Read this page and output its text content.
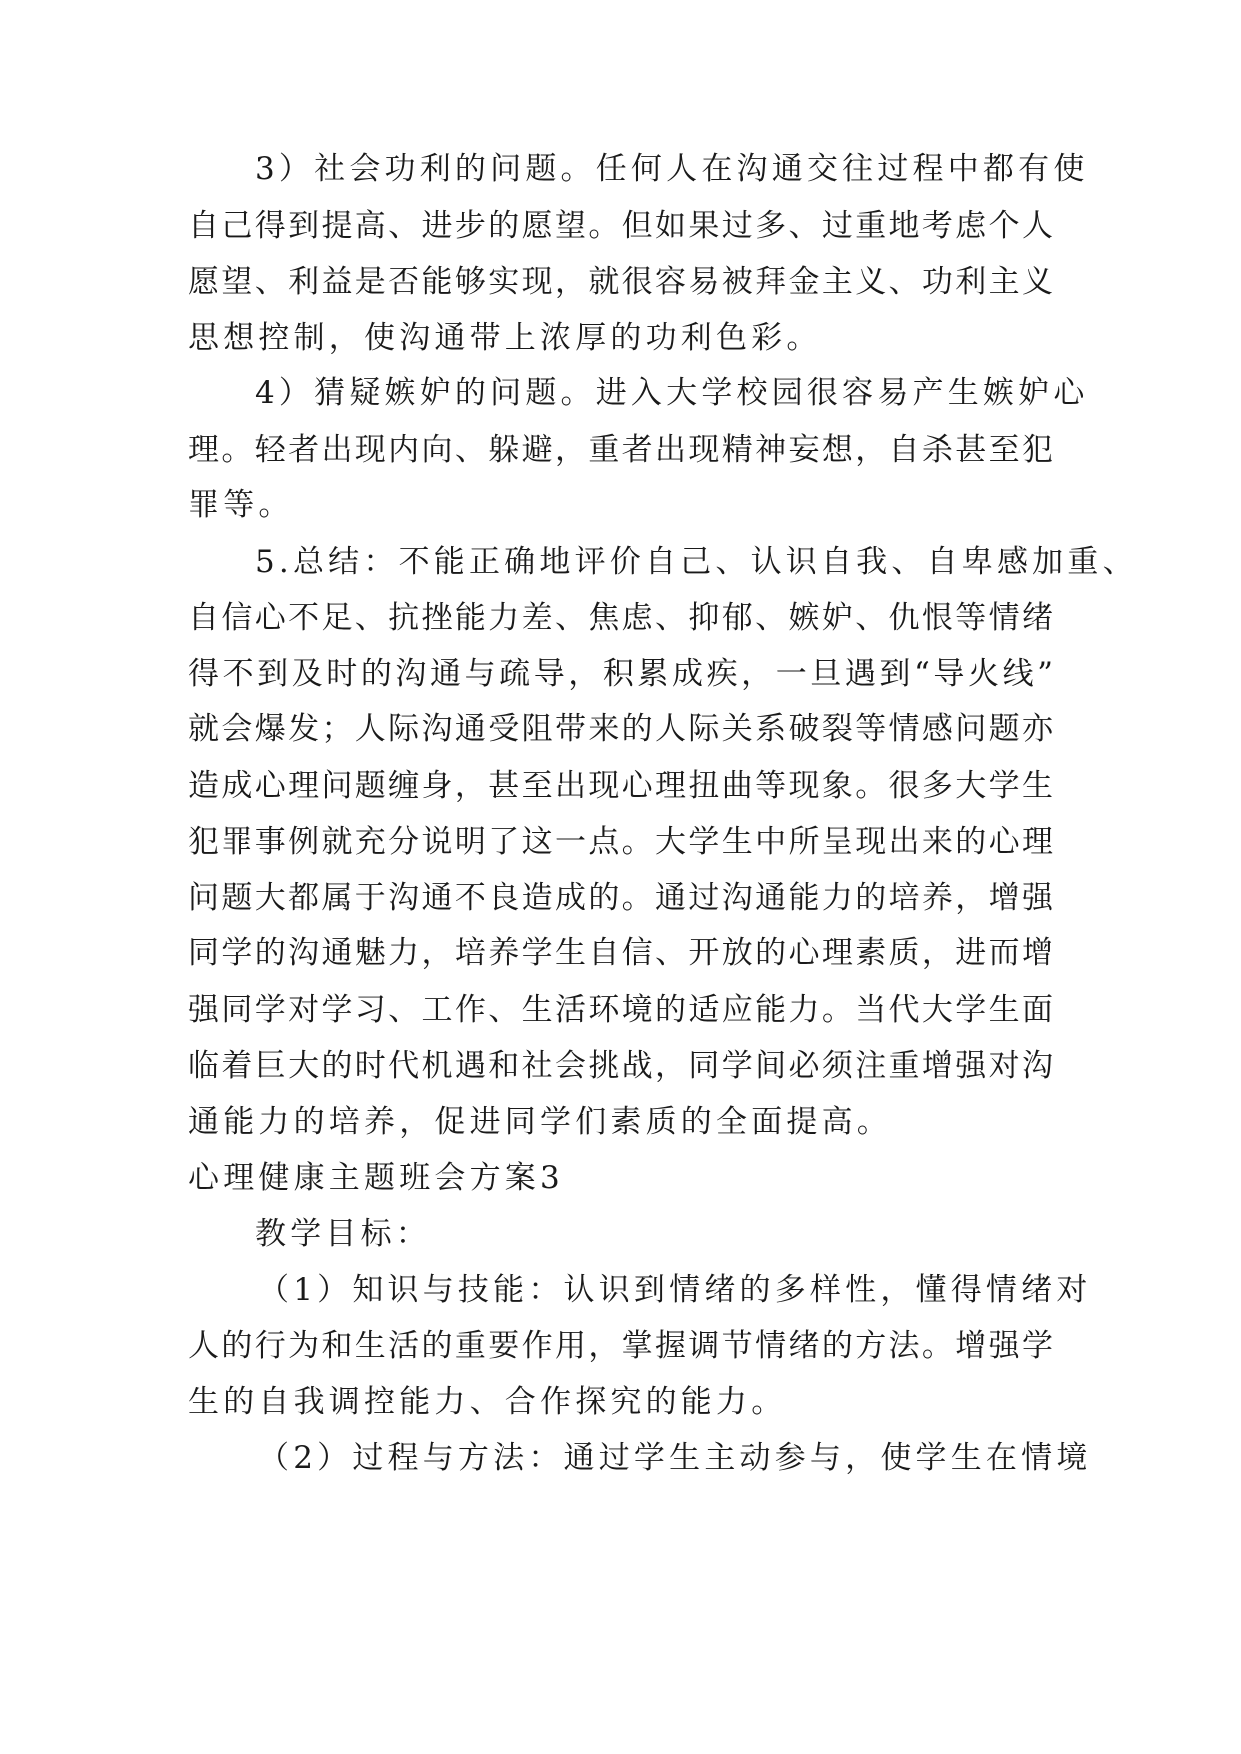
3）社会功利的问题。任何人在沟通交往过程中都有使
自己得到提高、进步的愿望。但如果过多、过重地考虑个人
愿望、利益是否能够实现，就很容易被拜金主义、功利主义
思想控制，使沟通带上浓厚的功利色彩。
4）猜疑嫉妒的问题。进入大学校园很容易产生嫉妒心
理。轻者出现内向、躲避，重者出现精神妄想，自杀甚至犯
罪等。
5.总结：不能正确地评价自己、认识自我、自卑感加重、
自信心不足、抗挫能力差、焦虑、抑郁、嫉妒、仇恨等情绪
得不到及时的沟通与疏导，积累成疾，一旦遇到“导火线”
就会爆发；人际沟通受阻带来的人际关系破裂等情感问题亦
造成心理问题缠身，甚至出现心理扭曲等现象。很多大学生
犯罪事例就充分说明了这一点。大学生中所呈现出来的心理
问题大都属于沟通不良造成的。通过沟通能力的培养，增强
同学的沟通魅力，培养学生自信、开放的心理素质，进而增
强同学对学习、工作、生活环境的适应能力。当代大学生面
临着巨大的时代机遇和社会挑战，同学间必须注重增强对沟
通能力的培养，促进同学们素质的全面提高。
心理健康主题班会方案3
教学目标：
（1）知识与技能：认识到情绪的多样性，懂得情绪对
人的行为和生活的重要作用，掌握调节情绪的方法。增强学
生的自我调控能力、合作探究的能力。
（2）过程与方法：通过学生主动参与，使学生在情境
